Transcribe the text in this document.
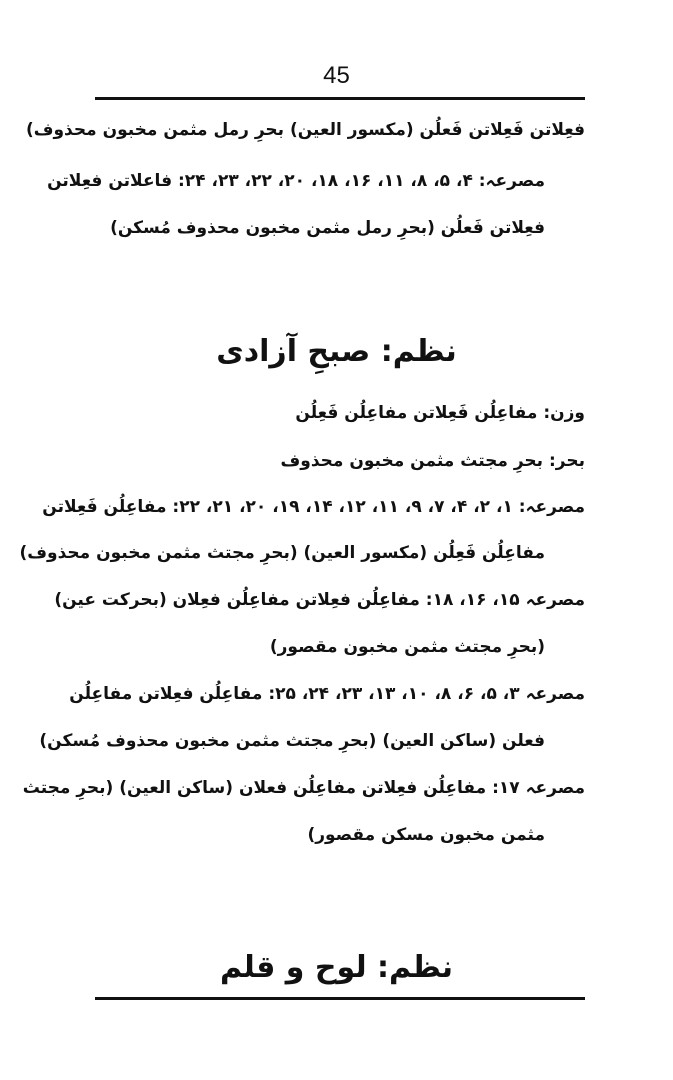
45
فعِلاتن فَعِلاتن فَعلُن (مکسور العین) بحرِ رمل مثمن مخبون محذوف)
مصرعہ: ۴، ۵، ۸، ۱۱، ۱۶، ۱۸، ۲۰، ۲۲، ۲۳، ۲۴: فاعلاتن فعِلاتن
فعِلاتن فَعلُن (بحرِ رمل مثمن مخبون محذوف مُسکن)
نظم: صبحِ آزادی
وزن: مفاعِلُن فَعِلاتن مفاعِلُن فَعِلُن
بحر: بحرِ مجتث مثمن مخبون محذوف
مصرعہ: ۱، ۲، ۴، ۷، ۹، ۱۱، ۱۲، ۱۴، ۱۹، ۲۰، ۲۱، ۲۲: مفاعِلُن فَعِلاتن
مفاعِلُن فَعِلُن (مکسور العین) (بحرِ مجتث مثمن مخبون محذوف)
مصرعہ ۱۵، ۱۶، ۱۸: مفاعِلُن فعِلاتن مفاعِلُن فعِلان (بحرکت عین)
(بحرِ مجتث مثمن مخبون مقصور)
مصرعہ ۳، ۵، ۶، ۸، ۱۰، ۱۳، ۲۳، ۲۴، ۲۵: مفاعِلُن فعِلاتن مفاعِلُن
فعلن (ساکن العین) (بحرِ مجتث مثمن مخبون محذوف مُسکن)
مصرعہ ۱۷: مفاعِلُن فعِلاتن مفاعِلُن فعلان (ساکن العین) (بحرِ مجتث
مثمن مخبون مسکن مقصور)
نظم: لوح و قلم
